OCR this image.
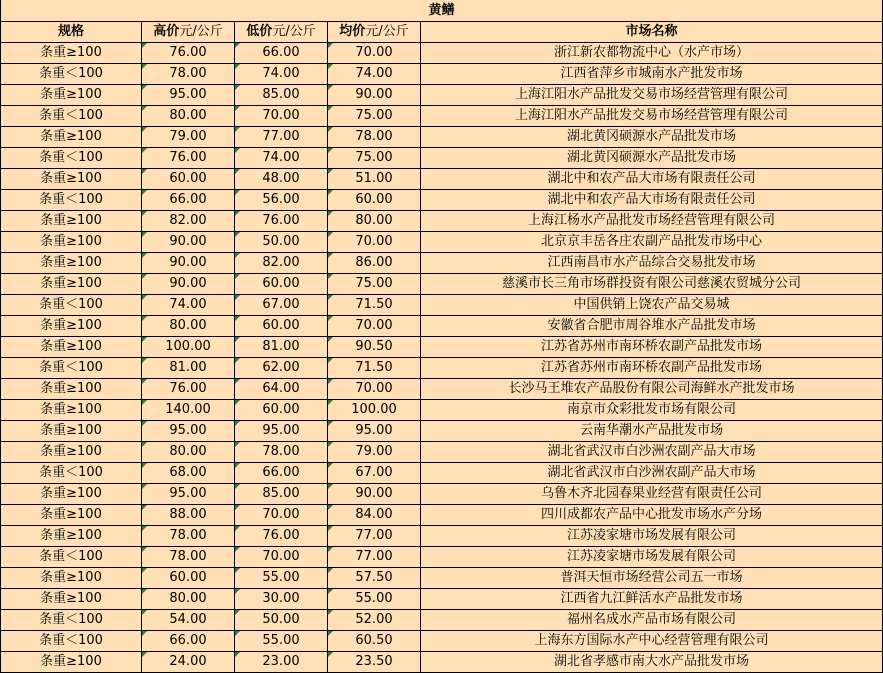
黄鳝				
规格	高价元/公斤	低价元/公斤	均价元/公斤	市场名称
条重≥100	76.00	66.00	70.00	浙江新农都物流中心（水产市场）
条重＜100	78.00	74.00	74.00	江西省萍乡市城南水产批发市场
条重≥100	95.00	85.00	90.00	上海江阳水产品批发交易市场经营管理有限公司
条重＜100	80.00	70.00	75.00	上海江阳水产品批发交易市场经营管理有限公司
条重≥100	79.00	77.00	78.00	湖北黄冈硕源水产品批发市场
条重＜100	76.00	74.00	75.00	湖北黄冈硕源水产品批发市场
条重≥100	60.00	48.00	51.00	湖北中和农产品大市场有限责任公司
条重＜100	66.00	56.00	60.00	湖北中和农产品大市场有限责任公司
条重≥100	82.00	76.00	80.00	上海江杨水产品批发市场经营管理有限公司
条重≥100	90.00	50.00	70.00	北京京丰岳各庄农副产品批发市场中心
条重≥100	90.00	82.00	86.00	江西南昌市水产品综合交易批发市场
条重≥100	90.00	60.00	75.00	慈溪市长三角市场群投资有限公司慈溪农贸城分公司
条重＜100	74.00	67.00	71.50	中国供销上饶农产品交易城
条重≥100	80.00	60.00	70.00	安徽省合肥市周谷堆水产品批发市场
条重≥100	100.00	81.00	90.50	江苏省苏州市南环桥农副产品批发市场
条重＜100	81.00	62.00	71.50	江苏省苏州市南环桥农副产品批发市场
条重≥100	76.00	64.00	70.00	长沙马王堆农产品股份有限公司海鲜水产批发市场
条重≥100	140.00	60.00	100.00	南京市众彩批发市场有限公司
条重≥100	95.00	95.00	95.00	云南华潮水产品批发市场
条重≥100	80.00	78.00	79.00	湖北省武汉市白沙洲农副产品大市场
条重＜100	68.00	66.00	67.00	湖北省武汉市白沙洲农副产品大市场
条重≥100	95.00	85.00	90.00	乌鲁木齐北园春果业经营有限责任公司
条重≥100	88.00	70.00	84.00	四川成都农产品中心批发市场水产分场
条重≥100	78.00	76.00	77.00	江苏凌家塘市场发展有限公司
条重＜100	78.00	70.00	77.00	江苏凌家塘市场发展有限公司
条重≥100	60.00	55.00	57.50	普洱天恒市场经营公司五一市场
条重≥100	80.00	30.00	55.00	江西省九江鲜活水产品批发市场
条重＜100	54.00	50.00	52.00	福州名成水产品市场有限公司
条重＜100	66.00	55.00	60.50	上海东方国际水产中心经营管理有限公司
条重≥100	24.00	23.00	23.50	湖北省孝感市南大水产品批发市场
